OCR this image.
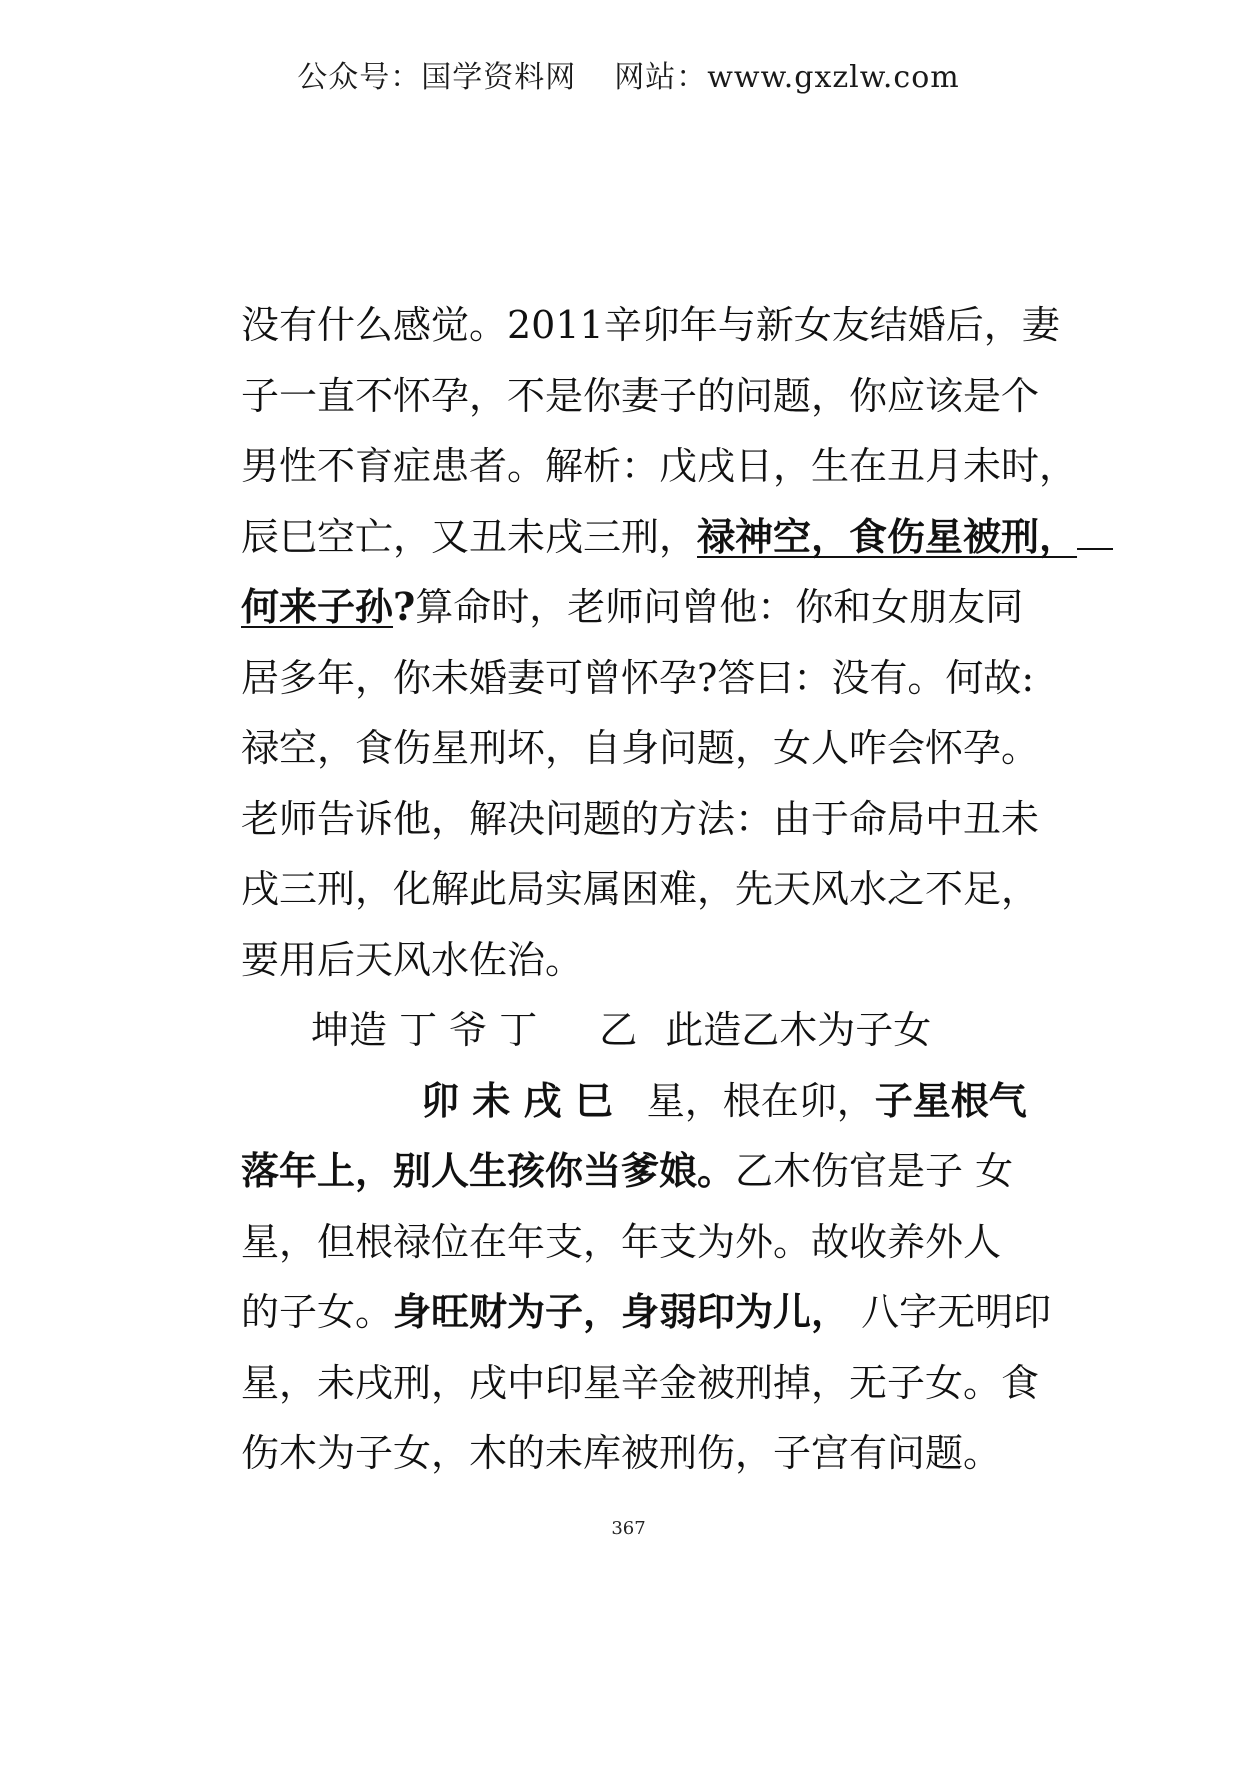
公众号：国学资料网 网站：www.gxzlw.com
没有什么感觉。2011辛卯年与新女友结婚后，妻
子一直不怀孕，不是你妻子的问题，你应该是个
男性不育症患者。解析：戊戌日，生在丑月未时，
辰巳空亡，又丑未戌三刑，禄神空，食伤星被刑，
何来子孙?算命时，老师问曾他：你和女朋友同
居多年，你未婚妻可曾怀孕?答曰：没有。何故:
禄空，食伤星刑坏，自身问题，女人咋会怀孕。
老师告诉他，解决问题的方法：由于命局中丑未
戌三刑，化解此局实属困难，先天风水之不足，
要用后天风水佐治。
坤造 丁 爷 丁 乙 此造乙木为子女
卯 未 戌 巳 星，根在卯，子星根气
落年上，别人生孩你当爹娘。乙木伤官是子 女
星，但根禄位在年支，年支为外。故收养外人
的子女。身旺财为子，身弱印为儿， 八字无明印
星，未戌刑，戌中印星辛金被刑掉，无子女。食
伤木为子女，木的未库被刑伤，子宫有问题。
367
